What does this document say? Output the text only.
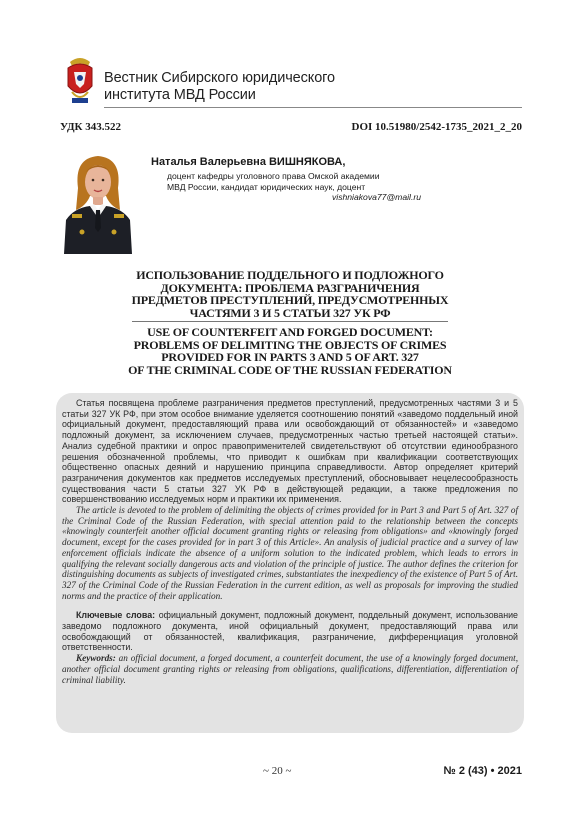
Вестник Сибирского юридического
института МВД России
УДК 343.522	DOI 10.51980/2542-1735_2021_2_20
Наталья Валерьевна ВИШНЯКОВА,
доцент кафедры уголовного права Омской академии
МВД России, кандидат юридических наук, доцент
vishniakova77@mail.ru
ИСПОЛЬЗОВАНИЕ ПОДДЕЛЬНОГО И ПОДЛОЖНОГО
ДОКУМЕНТА: ПРОБЛЕМА РАЗГРАНИЧЕНИЯ
ПРЕДМЕТОВ ПРЕСТУПЛЕНИЙ, ПРЕДУСМОТРЕННЫХ
ЧАСТЯМИ 3 И 5 СТАТЬИ 327 УК РФ
USE OF COUNTERFEIT AND FORGED DOCUMENT:
PROBLEMS OF DELIMITING THE OBJECTS OF CRIMES
PROVIDED FOR IN PARTS 3 AND 5 OF ART. 327
OF THE CRIMINAL CODE OF THE RUSSIAN FEDERATION

Статья посвящена проблеме разграничения предметов преступлений, предусмотренных частями 3 и 5 статьи 327 УК РФ, при этом особое внимание уделяется соотношению понятий «заведомо поддельный иной официальный документ, предоставляющий права или освобождающий от обязанностей» и «заведомо подложный документ, за исключением случаев, предусмотренных частью третьей настоящей статьи». Анализ судебной практики и опрос правоприменителей свидетельствуют об отсутствии единообразного решения обозначенной проблемы, что приводит к ошибкам при квалификации соответствующих общественно опасных деяний и нарушению принципа справедливости. Автор определяет критерий разграничения документов как предметов исследуемых преступлений, обосновывает нецелесообразность существования части 5 статьи 327 УК РФ в действующей редакции, а также предложения по совершенствованию исследуемых норм и практики их применения.

The article is devoted to the problem of delimiting the objects of crimes provided for in Part 3 and Part 5 of Art. 327 of the Criminal Code of the Russian Federation, with special attention paid to the relationship between the concepts «knowingly counterfeit another official document granting rights or releasing from obligations» and «knowingly forged document, except for the cases provided for in part 3 of this Article». An analysis of judicial practice and a survey of law enforcement officials indicate the absence of a uniform solution to the indicated problem, which leads to errors in qualifying the relevant socially dangerous acts and violation of the principle of justice. The author defines the criterion for distinguishing documents as subjects of investigated crimes, substantiates the inexpediency of the existence of Part 5 of Art. 327 of the Criminal Code of the Russian Federation in the current edition, as well as proposals for improving the studied norms and the practice of their application.

Ключевые слова: официальный документ, подложный документ, поддельный документ, использование заведомо подложного документа, иной официальный документ, предоставляющий права или освобождающий от обязанностей, квалификация, разграничение, дифференциация уголовной ответственности.

Keywords: an official document, a forged document, a counterfeit document, the use of a knowingly forged document, another official document granting rights or releasing from obligations, qualifications, differentiation, differentiation of criminal liability.

~ 20 ~	№ 2 (43) • 2021
